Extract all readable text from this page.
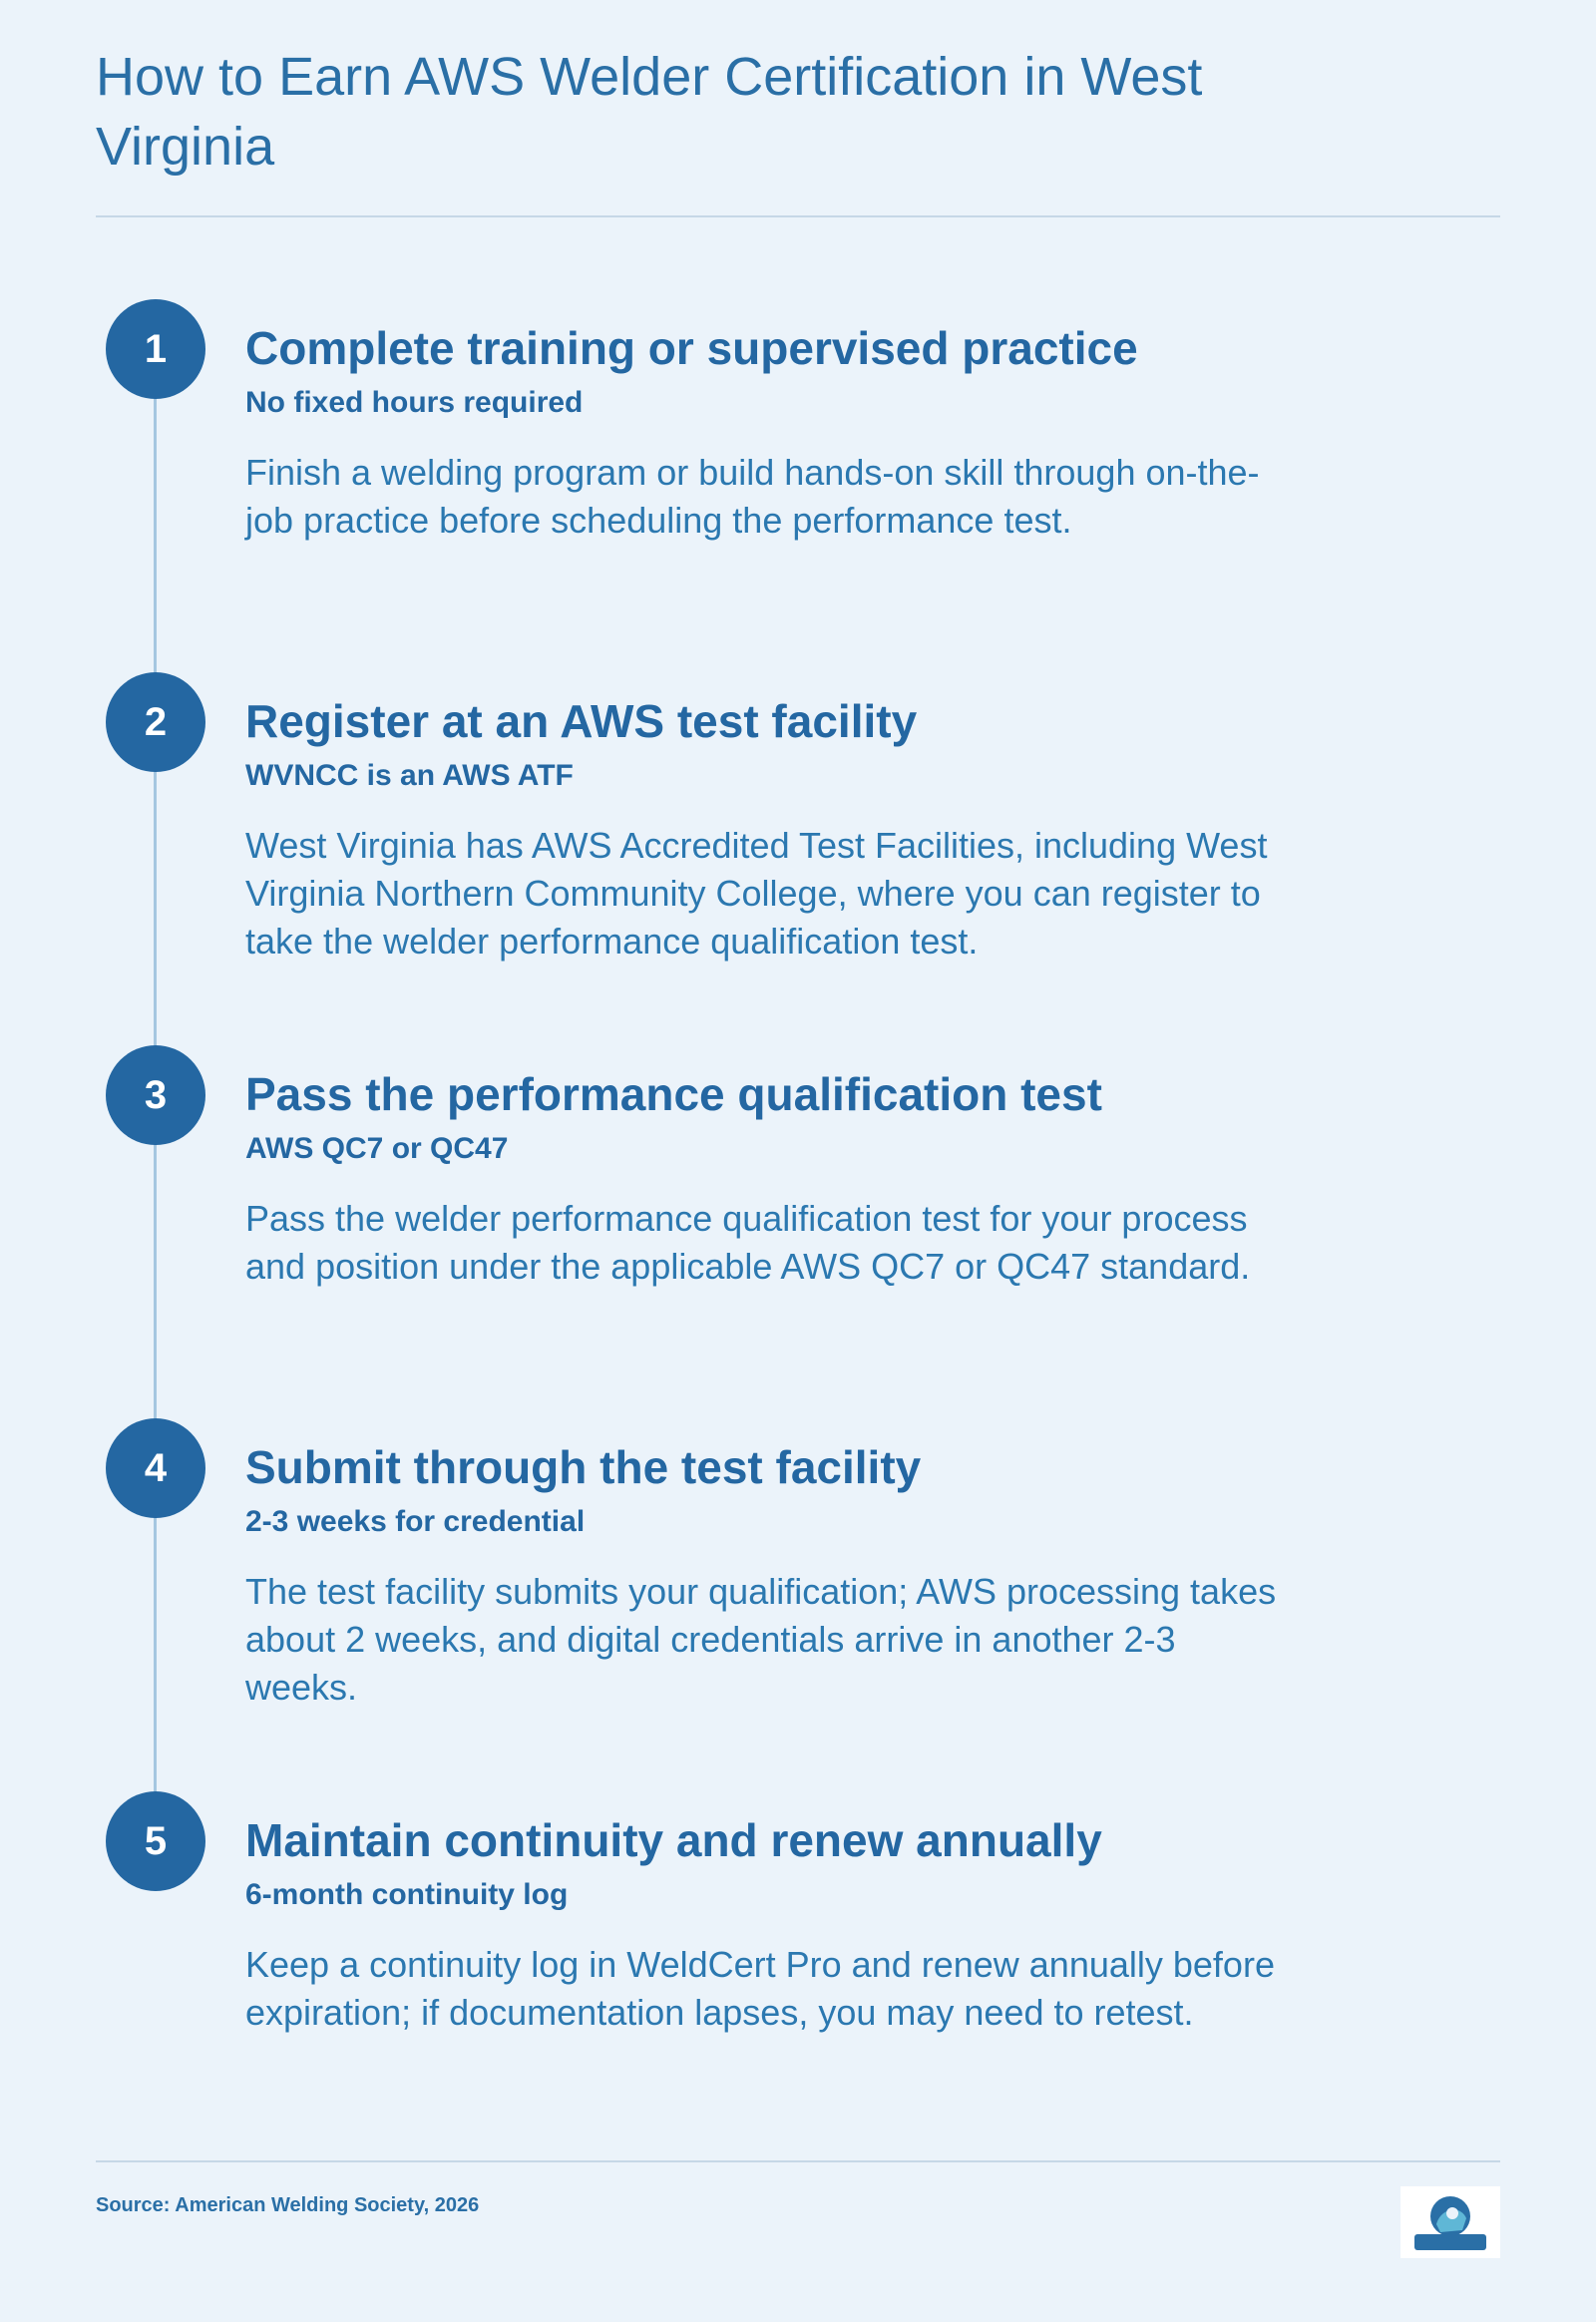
How to Earn AWS Welder Certification in West Virginia
1	Complete training or supervised practice
No fixed hours required

Finish a welding program or build hands-on skill through on-the-job practice before scheduling the performance test.

2	Register at an AWS test facility
WVNCC is an AWS ATF

West Virginia has AWS Accredited Test Facilities, including West Virginia Northern Community College, where you can register to take the welder performance qualification test.

3	Pass the performance qualification test
AWS QC7 or QC47

Pass the welder performance qualification test for your process and position under the applicable AWS QC7 or QC47 standard.

4	Submit through the test facility
2-3 weeks for credential

The test facility submits your qualification; AWS processing takes about 2 weeks, and digital credentials arrive in another 2-3 weeks.

5	Maintain continuity and renew annually
6-month continuity log

Keep a continuity log in WeldCert Pro and renew annually before expiration; if documentation lapses, you may need to retest.

Source: American Welding Society, 2026
